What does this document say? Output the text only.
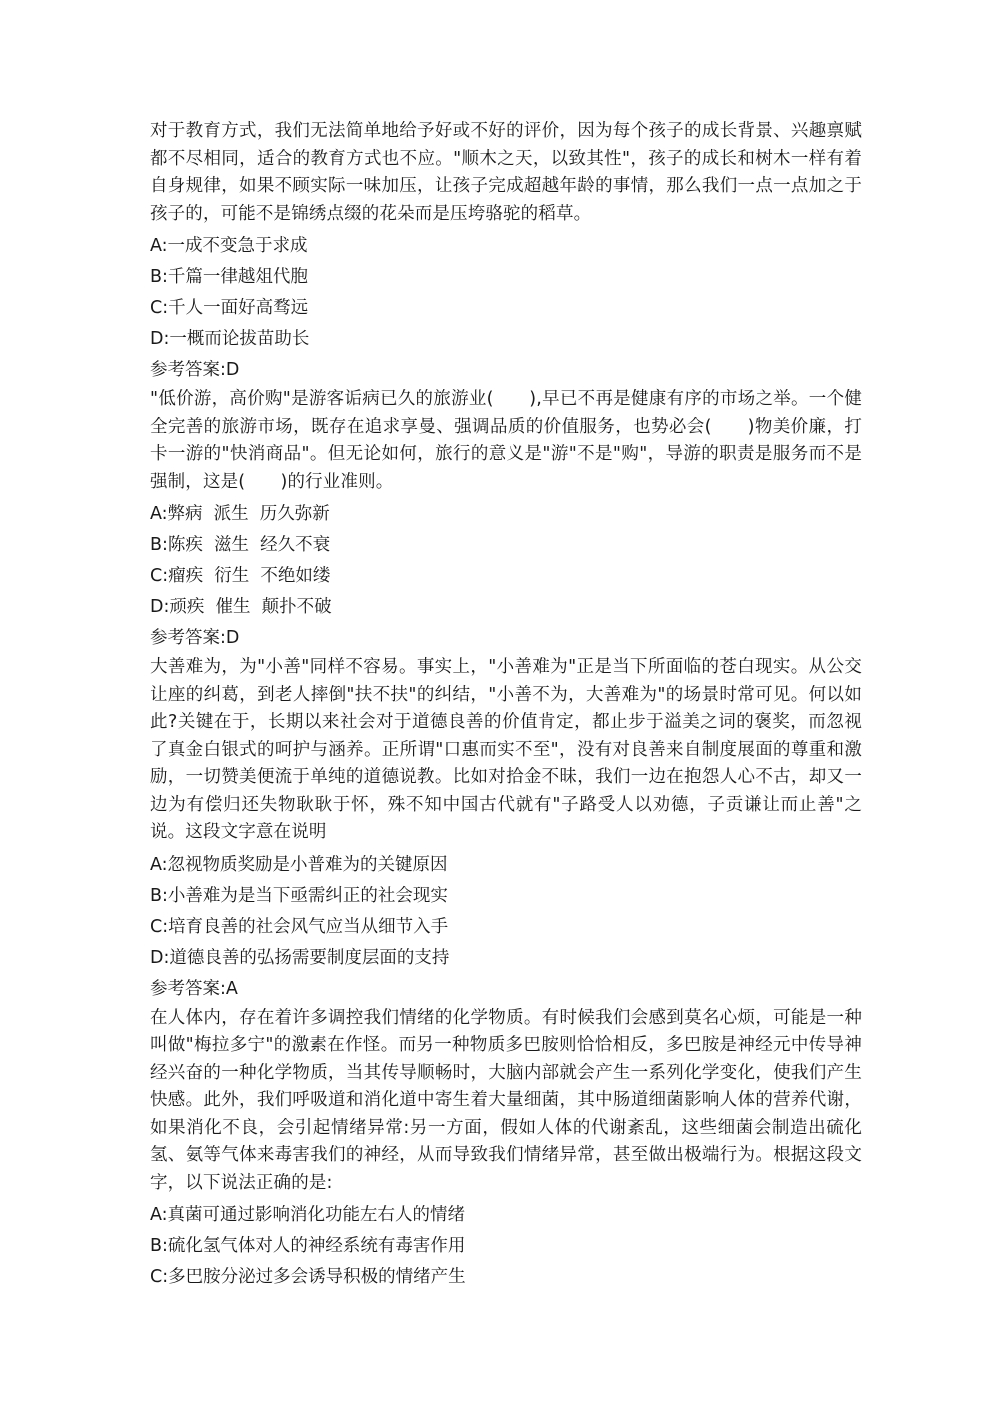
对于教育方式，我们无法简单地给予好或不好的评价，因为每个孩子的成长背景、兴趣禀赋都不尽相同，适合的教育方式也不应。"顺木之天，以致其性"，孩子的成长和树木一样有着自身规律，如果不顾实际一味加压，让孩子完成超越年龄的事情，那么我们一点一点加之于孩子的，可能不是锦绣点缀的花朵而是压垮骆驼的稻草。

A:一成不变急于求成

B:千篇一律越俎代胞

C:千人一面好高骛远

D:一概而论拔苗助长

参考答案:D

"低价游，高价购"是游客诟病已久的旅游业(　　),早已不再是健康有序的市场之举。一个健全完善的旅游市场，既存在追求享曼、强调品质的价值服务，也势必会(　　)物美价廉，打卡一游的"快消商品"。但无论如何，旅行的意义是"游"不是"购"，导游的职责是服务而不是强制，这是(　　)的行业准则。

A:弊病  派生  历久弥新

B:陈疾  滋生  经久不衰

C:瘤疾  衍生  不绝如缕

D:顽疾  催生  颠扑不破

参考答案:D

大善难为，为"小善"同样不容易。事实上，"小善难为"正是当下所面临的苍白现实。从公交让座的纠葛，到老人摔倒"扶不扶"的纠结，"小善不为，大善难为"的场景时常可见。何以如此?关键在于，长期以来社会对于道德良善的价值肯定，都止步于溢美之词的褒奖，而忽视了真金白银式的呵护与涵养。正所谓"口惠而实不至"，没有对良善来自制度展面的尊重和激励，一切赞美便流于单纯的道德说教。比如对拾金不昧，我们一边在抱怨人心不古，却又一边为有偿归还失物耿耿于怀，殊不知中国古代就有"子路受人以劝德，子贡谦让而止善"之说。这段文字意在说明

A:忽视物质奖励是小普难为的关键原因

B:小善难为是当下亟需纠正的社会现实

C:培育良善的社会风气应当从细节入手

D:道德良善的弘扬需要制度层面的支持

参考答案:A

在人体内，存在着许多调控我们情绪的化学物质。有时候我们会感到莫名心烦，可能是一种叫做"梅拉多宁"的激素在作怪。而另一种物质多巴胺则恰恰相反，多巴胺是神经元中传导神经兴奋的一种化学物质，当其传导顺畅时，大脑内部就会产生一系列化学变化，使我们产生快感。此外，我们呼吸道和消化道中寄生着大量细菌，其中肠道细菌影响人体的营养代谢，如果消化不良，会引起情绪异常:另一方面，假如人体的代谢紊乱，这些细菌会制造出硫化氢、氨等气体来毒害我们的神经，从而导致我们情绪异常，甚至做出极端行为。根据这段文字，以下说法正确的是:

A:真菌可通过影响消化功能左右人的情绪

B:硫化氢气体对人的神经系统有毒害作用

C:多巴胺分泌过多会诱导积极的情绪产生
